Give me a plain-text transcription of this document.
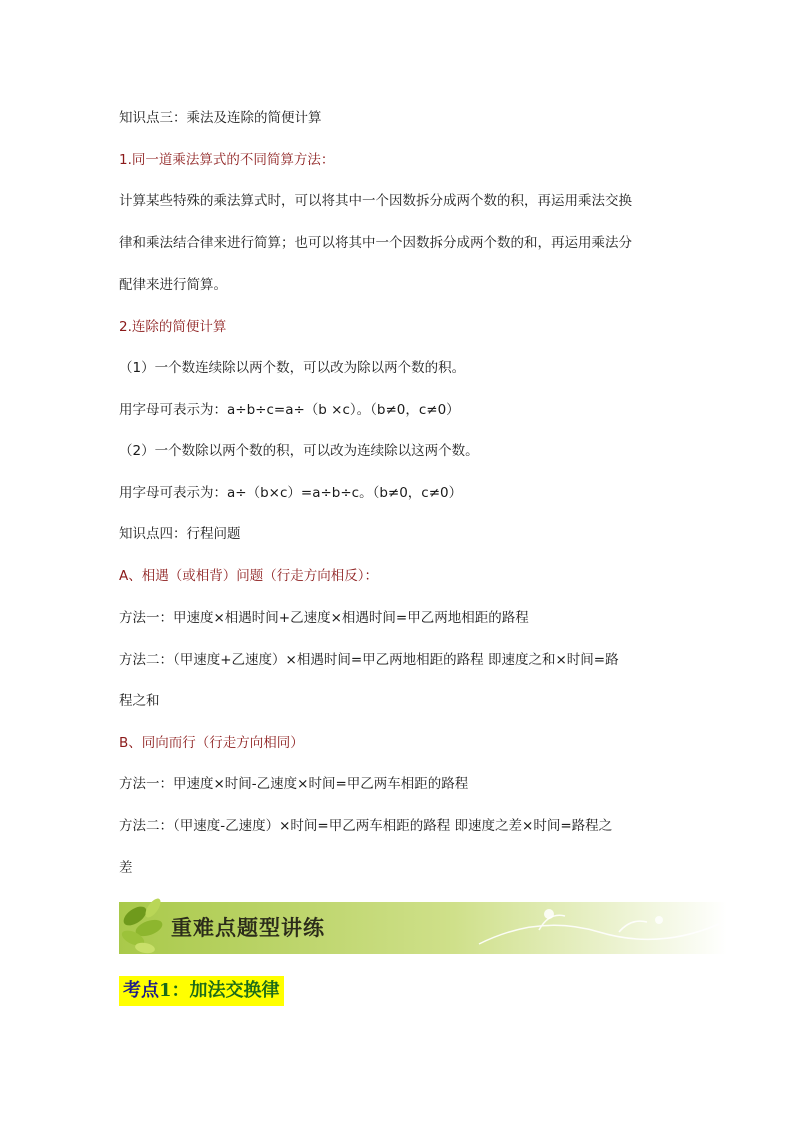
知识点三：乘法及连除的简便计算
1.同一道乘法算式的不同简算方法：
计算某些特殊的乘法算式时，可以将其中一个因数拆分成两个数的积，再运用乘法交换
律和乘法结合律来进行简算；也可以将其中一个因数拆分成两个数的和，再运用乘法分
配律来进行简算。
2.连除的简便计算
（1）一个数连续除以两个数，可以改为除以两个数的积。
用字母可表示为：a÷b÷c=a÷（b ×c）。（b≠0，c≠0）
（2）一个数除以两个数的积，可以改为连续除以这两个数。
用字母可表示为：a÷（b×c）=a÷b÷c。（b≠0，c≠0）
知识点四：行程问题
A、相遇（或相背）问题（行走方向相反）：
方法一：甲速度×相遇时间+乙速度×相遇时间=甲乙两地相距的路程
方法二：（甲速度+乙速度）×相遇时间=甲乙两地相距的路程 即速度之和×时间=路
程之和
B、同向而行（行走方向相同）
方法一：甲速度×时间-乙速度×时间=甲乙两车相距的路程
方法二：（甲速度-乙速度）×时间=甲乙两车相距的路程 即速度之差×时间=路程之
差
重难点题型讲练
考点1：加法交换律
